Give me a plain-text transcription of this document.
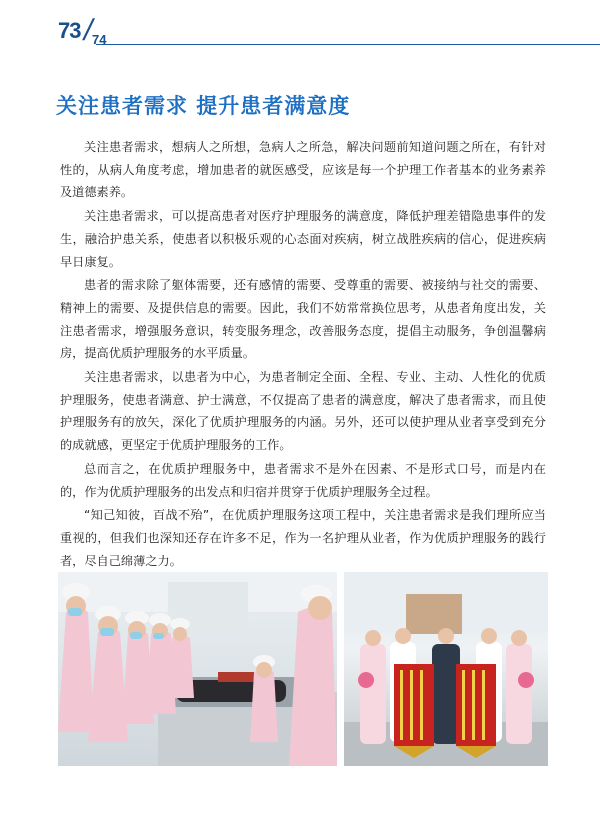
73 /
74
关注患者需求 提升患者满意度

关注患者需求，想病人之所想，急病人之所急，解决问题前知道问题之所在，有针对性的，从病人角度考虑，增加患者的就医感受，应该是每一个护理工作者基本的业务素养及道德素养。

关注患者需求，可以提高患者对医疗护理服务的满意度，降低护理差错隐患事件的发生，融洽护患关系，使患者以积极乐观的心态面对疾病，树立战胜疾病的信心，促进疾病早日康复。

患者的需求除了躯体需要，还有感情的需要、受尊重的需要、被接纳与社交的需要、精神上的需要、及提供信息的需要。因此，我们不妨常常换位思考，从患者角度出发，关注患者需求，增强服务意识，转变服务理念，改善服务态度，提倡主动服务，争创温馨病房，提高优质护理服务的水平质量。

关注患者需求，以患者为中心，为患者制定全面、全程、专业、主动、人性化的优质护理服务，使患者满意、护士满意，不仅提高了患者的满意度，解决了患者需求，而且使护理服务有的放矢，深化了优质护理服务的内涵。另外，还可以使护理从业者享受到充分的成就感，更坚定于优质护理服务的工作。

总而言之，在优质护理服务中，患者需求不是外在因素、不是形式口号，而是内在的，作为优质护理服务的出发点和归宿并贯穿于优质护理服务全过程。

“知己知彼，百战不殆”，在优质护理服务这项工程中，关注患者需求是我们理所应当重视的，但我们也深知还存在许多不足，作为一名护理从业者，作为优质护理服务的践行者，尽自己绵薄之力。
